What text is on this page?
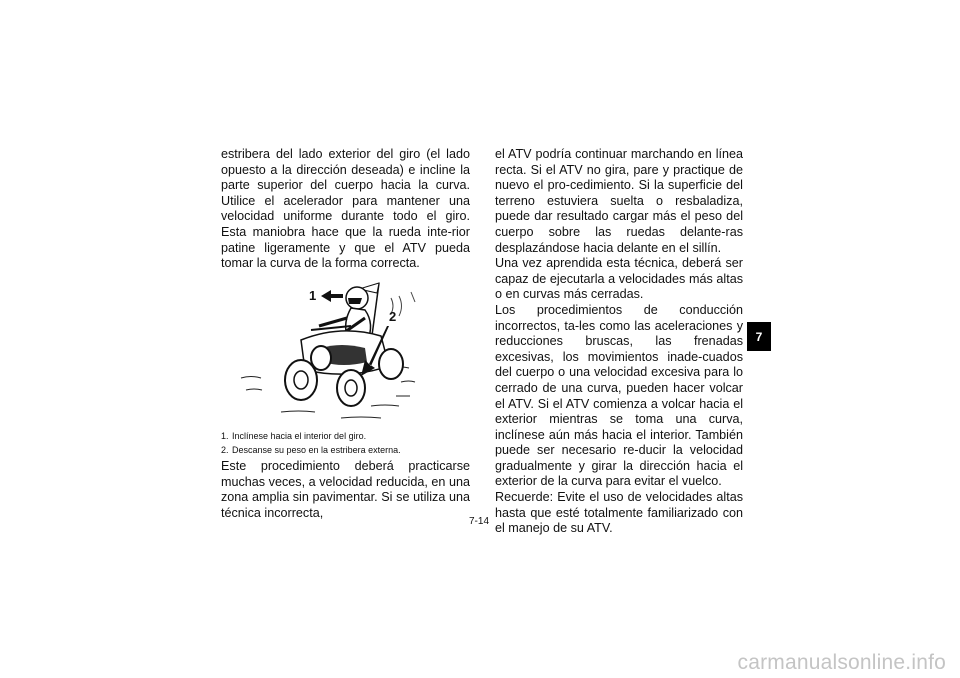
estribera del lado exterior del giro (el lado opuesto a la dirección deseada) e incline la parte superior del cuerpo hacia la curva. Utilice el acelerador para mantener una velocidad uniforme durante todo el giro. Esta maniobra hace que la rueda inte-rior patine ligeramente y que el ATV pueda tomar la curva de la forma correcta.

1
2
1. Inclínese hacia el interior del giro.
2. Descanse su peso en la estribera externa.

Este procedimiento deberá practicarse muchas veces, a velocidad reducida, en una zona amplia sin pavimentar. Si se utiliza una técnica incorrecta,

el ATV podría continuar marchando en línea recta. Si el ATV no gira, pare y practique de nuevo el pro-cedimiento. Si la superficie del terreno estuviera suelta o resbaladiza, puede dar resultado cargar más el peso del cuerpo sobre las ruedas delante-ras desplazándose hacia delante en el sillín.

Una vez aprendida esta técnica, deberá ser capaz de ejecutarla a velocidades más altas o en curvas más cerradas.

Los procedimientos de conducción incorrectos, ta-les como las aceleraciones y reducciones bruscas, las frenadas excesivas, los movimientos inade-cuados del cuerpo o una velocidad excesiva para lo cerrado de una curva, pueden hacer volcar el ATV. Si el ATV comienza a volcar hacia el exterior mientras se toma una curva, inclínese aún más hacia el interior. También puede ser necesario re-ducir la velocidad gradualmente y girar la dirección hacia el exterior de la curva para evitar el vuelco.

Recuerde: Evite el uso de velocidades altas hasta que esté totalmente familiarizado con el manejo de su ATV.

7-14
7
carmanualsonline.info
